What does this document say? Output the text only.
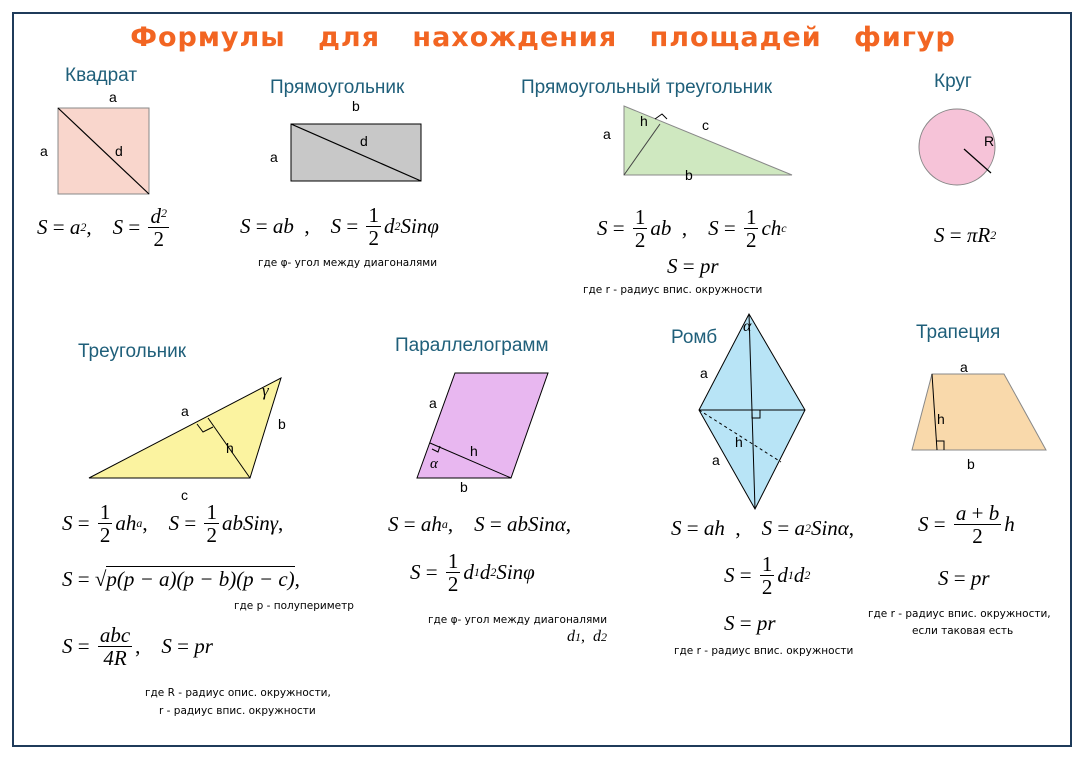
Формулы для нахождения площадей фигур
Квадрат
Прямоугольник	Прямоугольный треугольник	Круг
Треугольник	Параллелограмм	Ромб	Трапеция
a
a	d
b
a
d	a
h	c
b
R
a
h
b
c
γ
a
h
b
α
α
a
h
a
a
h
b
S = a 2 , $S = \frac{d^2}{2}$	S = ab , $S = \frac{1}{2}$ d 2 Sinφ
где φ- угол между диагоналями
$S = \frac{1}{2}$ ab , $S = \frac{1}{2}$ ch c
S = pr
где r - радиус впис. окружности
S = πR 2
$S = \frac{1}{2}$ ah a , $S = \frac{1}{2}$ abSinγ ,
S = √ p(p − a)(p − b)(p − c) ,
где p - полупериметр
$S = \frac{\text{abc}}{4R}$ , S = pr
где R - радиус опис. окружности,
r - радиус впис. окружности
S = ah a , S = abSinα ,
$S = \frac{1}{2}$ d 1 d 2 Sinφ
где φ- угол между диагоналями
d 1 , d 2
S = ah , S = a 2 Sinα ,
$S = \frac{1}{2}$ d 1 d 2
S = pr
где r - радиус впис. окружности
$S = \frac{a + b}{2}$ h
S = pr
где r - радиус впис. окружности,
если таковая есть
